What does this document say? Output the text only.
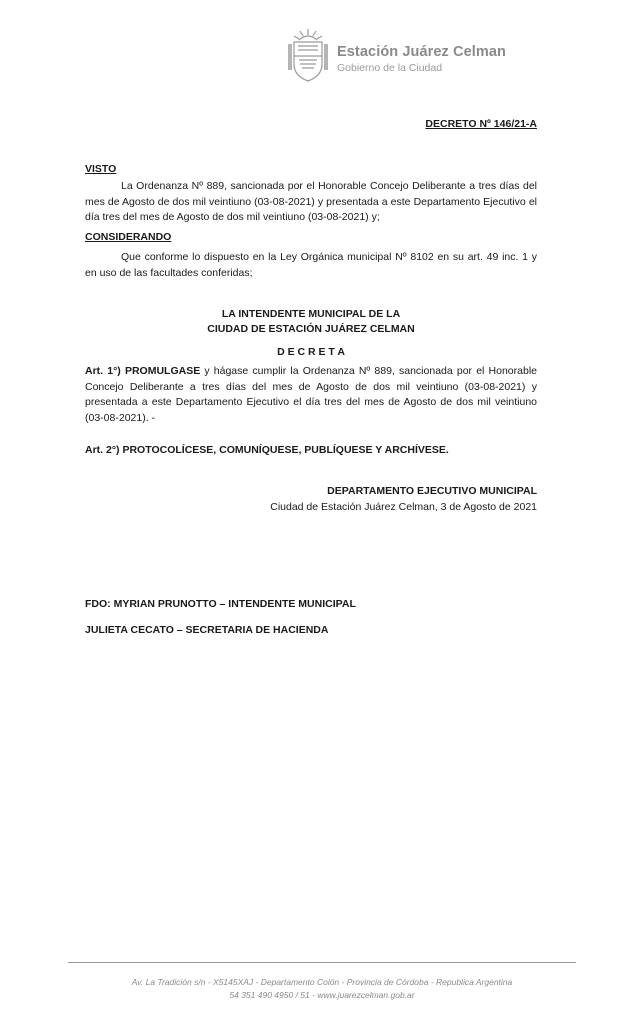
Estación Juárez Celman
Gobierno de la Ciudad
DECRETO Nº 146/21-A
VISTO
La Ordenanza Nº 889, sancionada por el Honorable Concejo Deliberante a tres días del mes de Agosto de dos mil veintiuno (03-08-2021) y presentada a este Departamento Ejecutivo el día tres del mes de Agosto de dos mil veintiuno (03-08-2021) y;
CONSIDERANDO
Que conforme lo dispuesto en la Ley Orgánica municipal Nº 8102 en su art. 49 inc. 1 y en uso de las facultades conferidas;
LA INTENDENTE MUNICIPAL DE LA
CIUDAD DE ESTACIÓN JUÁREZ CELMAN
D E C R E T A
Art. 1°) PROMULGASE y hágase cumplir la Ordenanza Nº 889, sancionada por el Honorable Concejo Deliberante a tres días del mes de Agosto de dos mil veintiuno (03-08-2021) y presentada a este Departamento Ejecutivo el día tres del mes de Agosto de dos mil veintiuno (03-08-2021). -
Art. 2°) PROTOCOLÍCESE, COMUNÍQUESE, PUBLÍQUESE Y ARCHÍVESE.
DEPARTAMENTO EJECUTIVO MUNICIPAL
Ciudad de Estación Juárez Celman, 3 de Agosto de 2021
FDO: MYRIAN PRUNOTTO – INTENDENTE MUNICIPAL
JULIETA CECATO – SECRETARIA DE HACIENDA
Av. La Tradición s/n - X5145XAJ - Departamento Colón - Provincia de Córdoba - Republica Argentina
54 351 490 4950 / 51 - www.juarezcelman.gob.ar
